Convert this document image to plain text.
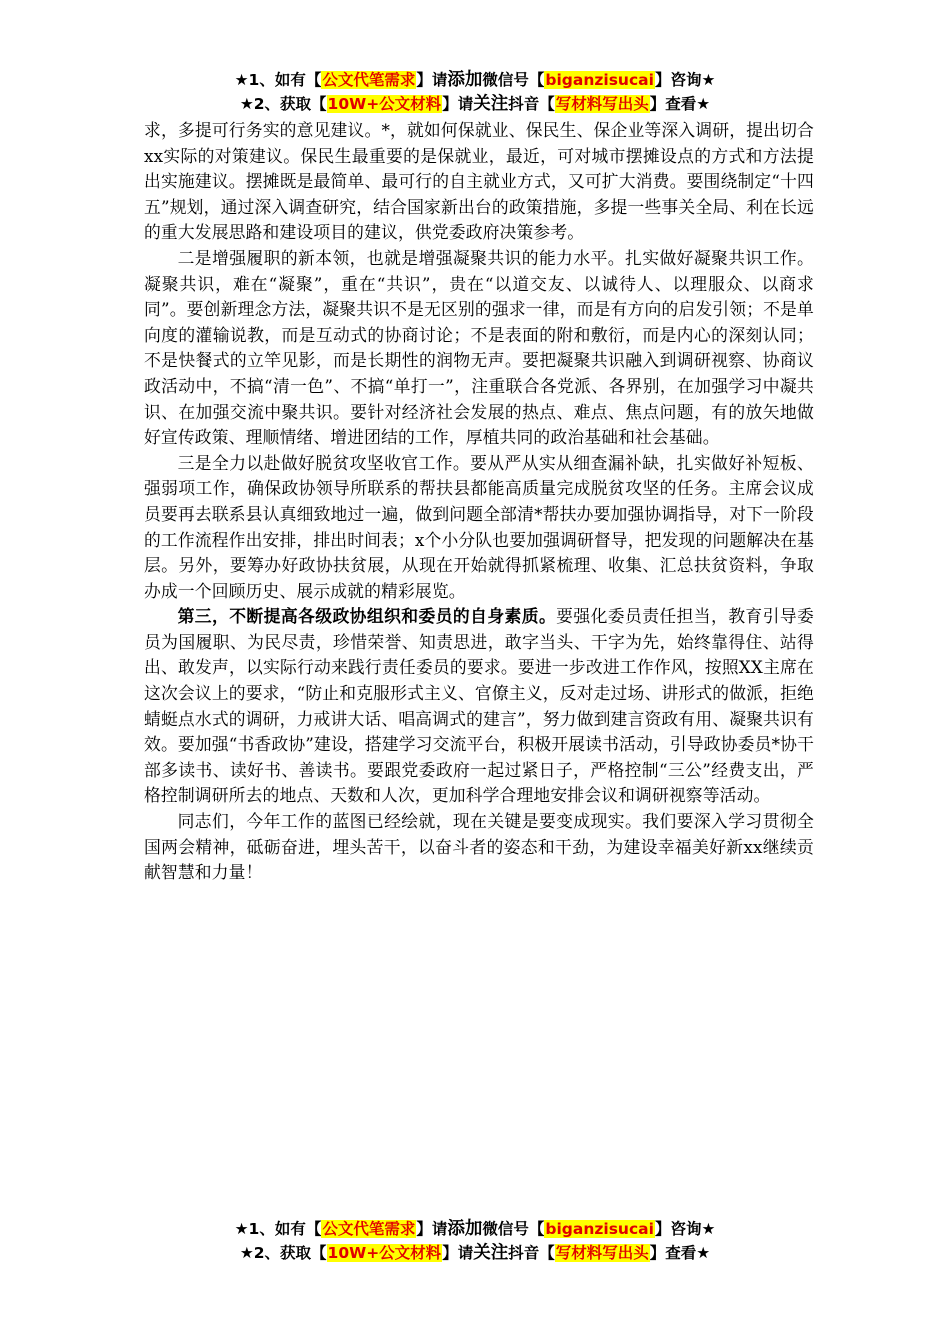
★1、如有【公文代笔需求】请添加微信号【biganzisucai】咨询★
★2、获取【10W+公文材料】请关注抖音【写材料写出头】查看★

求，多提可行务实的意见建议。*，就如何保就业、保民生、保企业等深入调研，提出切合xx实际的对策建议。保民生最重要的是保就业，最近，可对城市摆摊设点的方式和方法提出实施建议。摆摊既是最简单、最可行的自主就业方式，又可扩大消费。要围绕制定“十四五”规划，通过深入调查研究，结合国家新出台的政策措施，多提一些事关全局、利在长远的重大发展思路和建设项目的建议，供党委政府决策参考。

二是增强履职的新本领，也就是增强凝聚共识的能力水平。扎实做好凝聚共识工作。凝聚共识，难在“凝聚”，重在“共识”，贵在“以道交友、以诚待人、以理服众、以商求同”。要创新理念方法，凝聚共识不是无区别的强求一律，而是有方向的启发引领；不是单向度的灌输说教，而是互动式的协商讨论；不是表面的附和敷衍，而是内心的深刻认同；不是快餐式的立竿见影，而是长期性的润物无声。要把凝聚共识融入到调研视察、协商议政活动中，不搞“清一色”、不搞“单打一”，注重联合各党派、各界别，在加强学习中凝共识、在加强交流中聚共识。要针对经济社会发展的热点、难点、焦点问题，有的放矢地做好宣传政策、理顺情绪、增进团结的工作，厚植共同的政治基础和社会基础。

三是全力以赴做好脱贫攻坚收官工作。要从严从实从细查漏补缺，扎实做好补短板、强弱项工作，确保政协领导所联系的帮扶县都能高质量完成脱贫攻坚的任务。主席会议成员要再去联系县认真细致地过一遍，做到问题全部清*帮扶办要加强协调指导，对下一阶段的工作流程作出安排，排出时间表；x个小分队也要加强调研督导，把发现的问题解决在基层。另外，要筹办好政协扶贫展，从现在开始就得抓紧梳理、收集、汇总扶贫资料，争取办成一个回顾历史、展示成就的精彩展览。

第三，不断提高各级政协组织和委员的自身素质。要强化委员责任担当，教育引导委员为国履职、为民尽责，珍惜荣誉、知责思进，敢字当头、干字为先，始终靠得住、站得出、敢发声，以实际行动来践行责任委员的要求。要进一步改进工作作风，按照XX主席在这次会议上的要求，“防止和克服形式主义、官僚主义，反对走过场、讲形式的做派，拒绝蜻蜓点水式的调研，力戒讲大话、唱高调式的建言”，努力做到建言资政有用、凝聚共识有效。要加强“书香政协”建设，搭建学习交流平台，积极开展读书活动，引导政协委员*协干部多读书、读好书、善读书。要跟党委政府一起过紧日子，严格控制“三公”经费支出，严格控制调研所去的地点、天数和人次，更加科学合理地安排会议和调研视察等活动。

同志们，今年工作的蓝图已经绘就，现在关键是要变成现实。我们要深入学习贯彻全国两会精神，砥砺奋进，埋头苦干，以奋斗者的姿态和干劲，为建设幸福美好新xx继续贡献智慧和力量！

★1、如有【公文代笔需求】请添加微信号【biganzisucai】咨询★
★2、获取【10W+公文材料】请关注抖音【写材料写出头】查看★
